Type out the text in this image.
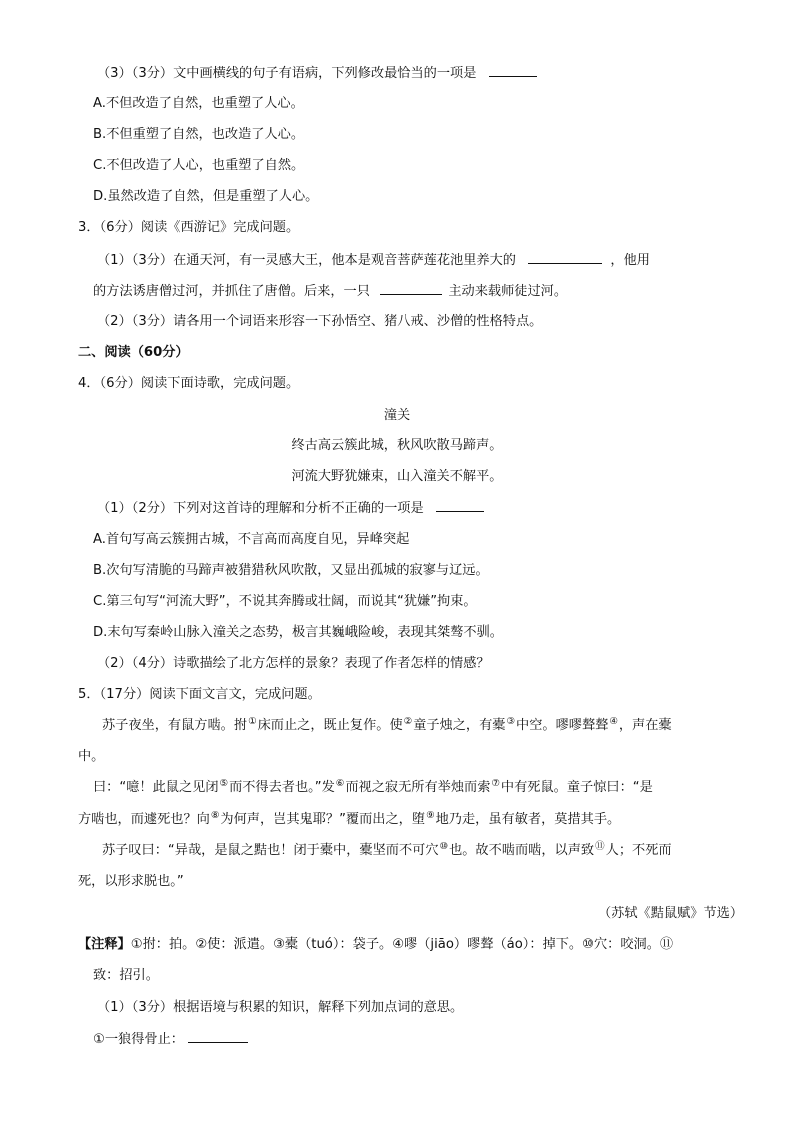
（3）（3分）文中画横线的句子有语病，下列修改最恰当的一项是
A.不但改造了自然，也重塑了人心。
B.不但重塑了自然，也改造了人心。
C.不但改造了人心，也重塑了自然。
D.虽然改造了自然，但是重塑了人心。
3．（6分）阅读《西游记》完成问题。
（1）（3分）在通天河，有一灵感大王，他本是观音菩萨莲花池里养大的	，他用
的方法诱唐僧过河，并抓住了唐僧。后来，一只	主动来载师徒过河。
（2）（3分）请各用一个词语来形容一下孙悟空、猪八戒、沙僧的性格特点。
二、阅读（60分）
4．（6分）阅读下面诗歌，完成问题。
潼关
终古高云簇此城，秋风吹散马蹄声。
河流大野犹嫌束，山入潼关不解平。
（1）（2分）下列对这首诗的理解和分析不正确的一项是
A.首句写高云簇拥古城，不言高而高度自见，异峰突起
B.次句写清脆的马蹄声被猎猎秋风吹散，又显出孤城的寂寥与辽远。
C.第三句写“河流大野”，不说其奔腾或壮阔，而说其“犹嫌”拘束。
D.末句写秦岭山脉入潼关之态势，极言其巍峨险峻，表现其桀骜不驯。
（2）（4分）诗歌描绘了北方怎样的景象？表现了作者怎样的情感？
5．（17分）阅读下面文言文，完成问题。
苏子夜坐，有鼠方啮。拊①床而止之，既止复作。使②童子烛之，有橐③中空。嘐嘐聱聱④，声在橐
中。
曰：“噫！此鼠之见闭⑤而不得去者也。”发⑥而视之寂无所有举烛而索⑦中有死鼠。童子惊曰：“是
方啮也，而遽死也？向⑧为何声，岂其鬼耶？”覆而出之，堕⑨地乃走，虽有敏者，莫措其手。
苏子叹曰：“异哉，是鼠之黠也！闭于橐中，橐坚而不可穴⑩也。故不啮而啮，以声致⑪人；不死而
死，以形求脱也。”
（苏轼《黠鼠赋》节选）
【注释】①拊：拍。②使：派遣。③橐（tuó）：袋子。④嘐（jiāo）嘐聱（áo）：掉下。⑩穴：咬洞。⑪
致：招引。
（1）（3分）根据语境与积累的知识，解释下列加点词的意思。
①一狼得骨止：
